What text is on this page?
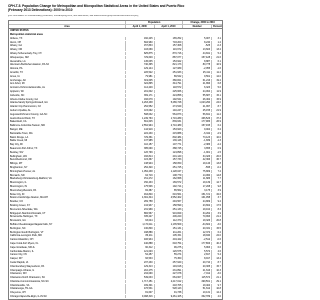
CPH-T-5. Population Change for Metropolitan and Micropolitan Statistical Areas in the United States and Puerto Rico (February 2013 Delineations): 2000 to 2010
[For information on confidentiality protection, nonsampling error, and definitions, see www.census.gov/prod/cen2010/doc/sf1.pdf]
Population	Change, 2000 to 2010
Area	April 1, 2000	April 1, 2010	Number	Percent
UNITED STATES
Metropolitan statistical areas
Abilene, TX	160,245	165,252	5,007	3.1
Akron, OH	694,960	703,200	8,240	1.2
Albany, GA	157,833	157,308	-525	-0.3
Albany, OR	103,069	116,672	13,603	13.2
Albany-Schenectady-Troy, NY	825,875	870,716	44,841	5.4
Albuquerque, NM	729,649	887,077	157,428	21.6
Alexandria, LA	145,035	153,922	8,887	6.1
Allentown-Bethlehem-Easton, PA-NJ	740,395	821,173	80,778	10.9
Altoona, PA	129,144	127,089	-2,055	-1.6
Amarillo, TX	226,522	251,933	25,411	11.2
Ames, IA	79,981	89,542	9,561	12.0
Anchorage, AK	319,605	380,821	61,216	19.2
Ann Arbor, MI	322,895	344,791	21,896	6.8
Anniston-Oxford-Jacksonville, AL	112,249	118,572	6,323	5.6
Appleton, WI	201,602	225,666	24,064	11.9
Asheville, NC	369,171	424,858	55,687	15.1
Athens-Clarke County, GA	166,079	192,541	26,462	15.9
Atlanta-Sandy Springs-Roswell, GA	4,263,438	5,286,728	1,023,290	24.0
Atlantic City-Hammonton, NJ	252,552	274,549	21,997	8.7
Auburn-Opelika, AL	115,092	140,247	25,155	21.9
Augusta-Richmond County, GA-SC	508,032	564,873	56,841	11.2
Austin-Round Rock, TX	1,249,763	1,716,289	466,526	37.3
Bakersfield, CA	661,645	839,631	177,986	26.9
Baltimore-Columbia-Towson, MD	2,552,994	2,710,489	157,495	6.2
Bangor, ME	144,919	153,923	9,004	6.2
Barnstable Town, MA	222,230	215,888	-6,342	-2.9
Baton Rouge, LA	729,361	802,484	73,123	10.0
Battle Creek, MI	137,985	136,146	-1,839	-1.3
Bay City, MI	110,157	107,771	-2,386	-2.2
Beaumont-Port Arthur, TX	385,090	388,745	3,655	0.9
Beckley, WV	126,799	124,898	-1,901	-1.5
Bellingham, WA	166,814	201,140	34,326	20.6
Bend-Redmond, OR	115,367	157,733	42,366	36.7
Billings, MT	138,904	158,050	19,146	13.8
Binghamton, NY	252,320	251,725	-595	-0.2
Birmingham-Hoover, AL	1,052,238	1,128,047	75,809	7.2
Bismarck, ND	94,719	108,779	14,060	14.8
Blacksburg-Christiansburg-Radford, VA	151,272	162,958	11,686	7.7
Bloomington, IL	150,433	169,572	19,139	12.7
Bloomington, IN	175,506	192,714	17,208	9.8
Bloomsburg-Berwick, PA	82,387	85,562	3,175	3.9
Boise City, ID	464,840	616,561	151,721	32.6
Boston-Cambridge-Newton, MA-NH	4,391,344	4,552,402	161,058	3.7
Boulder, CO	269,758	294,567	24,809	9.2
Bowling Green, KY	134,937	158,599	23,662	17.5
Bremerton-Silverdale, WA	231,969	251,133	19,164	8.3
Bridgeport-Stamford-Norwalk, CT	882,567	916,829	34,262	3.9
Brownsville-Harlingen, TX	335,227	406,220	70,993	21.2
Brunswick, GA	93,044	112,370	19,326	20.8
Buffalo-Cheektowaga-Niagara Falls, NY	1,170,111	1,135,509	-34,602	-3.0
Burlington, NC	130,800	151,131	20,331	15.5
Burlington-South Burlington, VT	198,889	211,261	12,372	6.2
California-Lexington Park, MD	86,211	105,151	18,940	22.0
Canton-Massillon, OH	406,934	404,422	-2,512	-0.6
Cape Coral-Fort Myers, FL	440,888	618,754	177,866	40.3
Cape Girardeau, MO-IL	90,312	96,275	5,963	6.6
Carbondale-Marion, IL	121,003	126,575	5,572	4.6
Carson City, NV	52,457	55,274	2,817	5.4
Casper, WY	66,533	75,450	8,917	13.4
Cedar Rapids, IA	237,230	257,940	20,710	8.7
Chambersburg-Waynesboro, PA	129,313	149,618	20,305	15.7
Champaign-Urbana, IL	210,275	231,891	21,616	10.3
Charleston, WV	234,090	227,078	-7,012	-3.0
Charleston-North Charleston, SC	549,033	664,607	115,574	21.1
Charlotte-Concord-Gastonia, NC-SC	1,717,451	2,217,012	499,561	29.1
Charlottesville, VA	199,301	218,705	19,404	9.7
Chattanooga, TN-GA	476,531	528,143	51,612	10.8
Cheyenne, WY	81,607	91,738	10,131	12.4
Chicago-Naperville-Elgin, IL-IN-WI	9,098,316	9,461,105	362,789	4.0
